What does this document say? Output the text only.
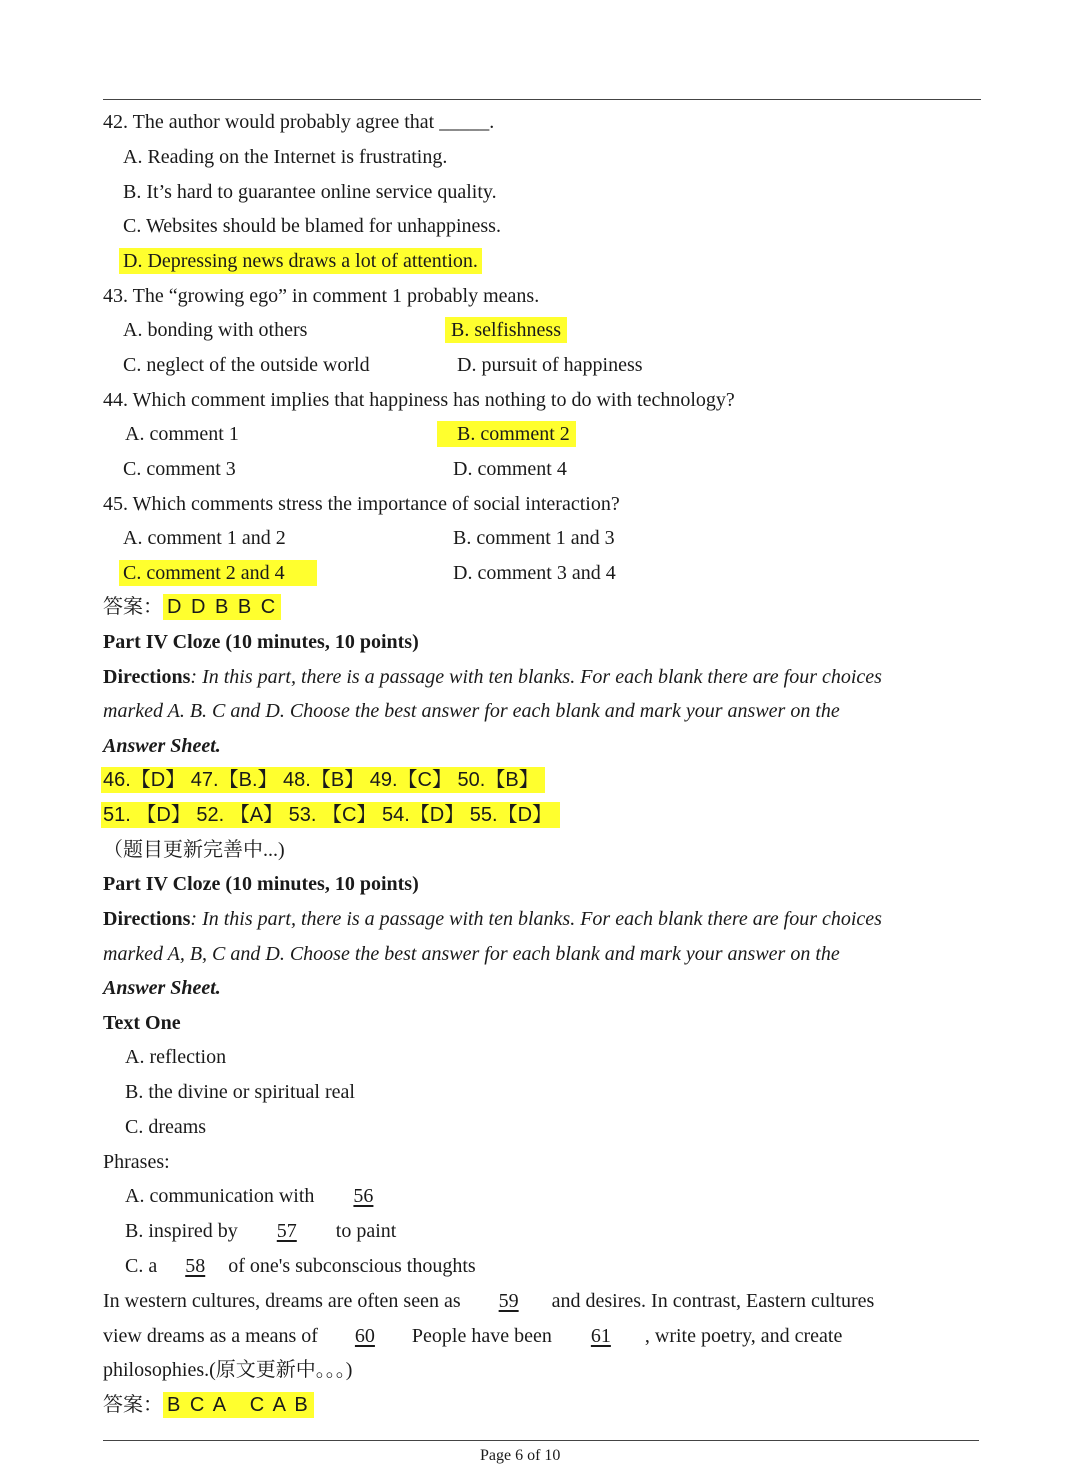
42. The author would probably agree that _____.
A. Reading on the Internet is frustrating.
B. It’s hard to guarantee online service quality.
C. Websites should be blamed for unhappiness.
D. Depressing news draws a lot of attention.
43. The “growing ego” in comment 1 probably means.
A. bonding with others	B. selfishness
C. neglect of the outside world	D. pursuit of happiness
44. Which comment implies that happiness has nothing to do with technology?
A. comment 1	B. comment 2
C. comment 3	D. comment 4
45. Which comments stress the importance of social interaction?
A. comment 1 and 2	B. comment 1 and 3
C. comment 2 and 4	D. comment 3 and 4
答案： D D B B C
Part IV Cloze (10 minutes, 10 points)
Directions: In this part, there is a passage with ten blanks. For each blank there are four choices
marked A. B. C and D. Choose the best answer for each blank and mark your answer on the
Answer Sheet.
46.【D】 47.【B.】 48.【B】 49.【C】 50.【B】
51. 【D】 52. 【A】 53. 【C】 54.【D】 55.【D】
（题目更新完善中...)
Part IV Cloze (10 minutes, 10 points)
Directions: In this part, there is a passage with ten blanks. For each blank there are four choices
marked A, B, C and D. Choose the best answer for each blank and mark your answer on the
Answer Sheet.
Text One
A. reflection
B. the divine or spiritual real
C. dreams
Phrases:
A. communication with 56
B. inspired by 57 to paint
C. a 58 of one's subconscious thoughts
In western cultures, dreams are often seen as 59 and desires. In contrast, Eastern cultures
view dreams as a means of 60 People have been 61 , write poetry, and create
philosophies.(原文更新中。。。)
答案： B C A   C A B
Page 6 of 10
